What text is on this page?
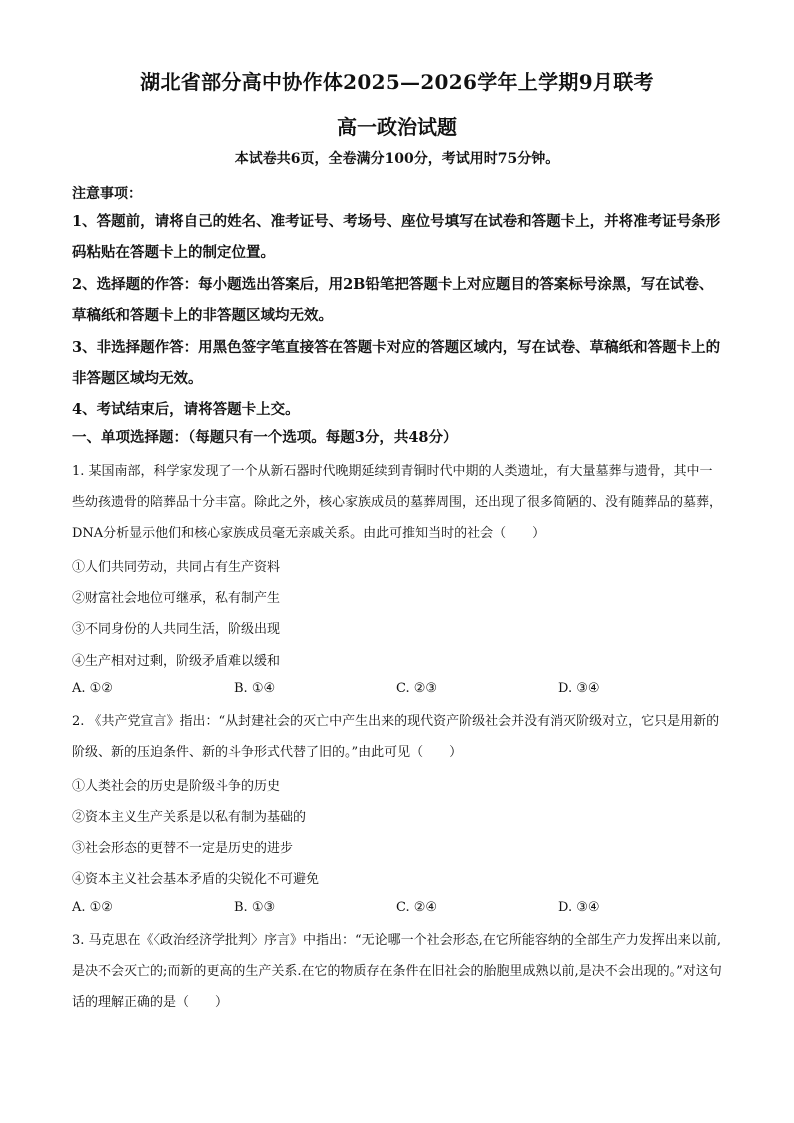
湖北省部分高中协作体2025—2026学年上学期9月联考
高一政治试题
本试卷共6页，全卷满分100分，考试用时75分钟。
注意事项：
1、答题前，请将自己的姓名、准考证号、考场号、座位号填写在试卷和答题卡上，并将准考证号条形码粘贴在答题卡上的制定位置。
2、选择题的作答：每小题选出答案后，用2B铅笔把答题卡上对应题目的答案标号涂黑，写在试卷、草稿纸和答题卡上的非答题区域均无效。
3、非选择题作答：用黑色签字笔直接答在答题卡对应的答题区域内，写在试卷、草稿纸和答题卡上的非答题区域均无效。
4、考试结束后，请将答题卡上交。
一、单项选择题：（每题只有一个选项。每题3分，共48分）
1. 某国南部，科学家发现了一个从新石器时代晚期延续到青铜时代中期的人类遗址，有大量墓葬与遗骨，其中一些幼孩遗骨的陪葬品十分丰富。除此之外，核心家族成员的墓葬周围，还出现了很多简陋的、没有随葬品的墓葬，DNA分析显示他们和核心家族成员毫无亲戚关系。由此可推知当时的社会（　　）
①人们共同劳动，共同占有生产资料
②财富社会地位可继承，私有制产生
③不同身份的人共同生活，阶级出现
④生产相对过剩，阶级矛盾难以缓和
A. ①②	B. ①④	C. ②③	D. ③④
2. 《共产党宣言》指出：“从封建社会的灭亡中产生出来的现代资产阶级社会并没有消灭阶级对立，它只是用新的阶级、新的压迫条件、新的斗争形式代替了旧的。”由此可见（　　）
①人类社会的历史是阶级斗争的历史
②资本主义生产关系是以私有制为基础的
③社会形态的更替不一定是历史的进步
④资本主义社会基本矛盾的尖锐化不可避免
A. ①②	B. ①③	C. ②④	D. ③④
3. 马克思在《〈政治经济学批判〉序言》中指出：“无论哪一个社会形态,在它所能容纳的全部生产力发挥出来以前,是决不会灭亡的;而新的更高的生产关系.在它的物质存在条件在旧社会的胎胞里成熟以前,是决不会出现的。”对这句话的理解正确的是（　　）
